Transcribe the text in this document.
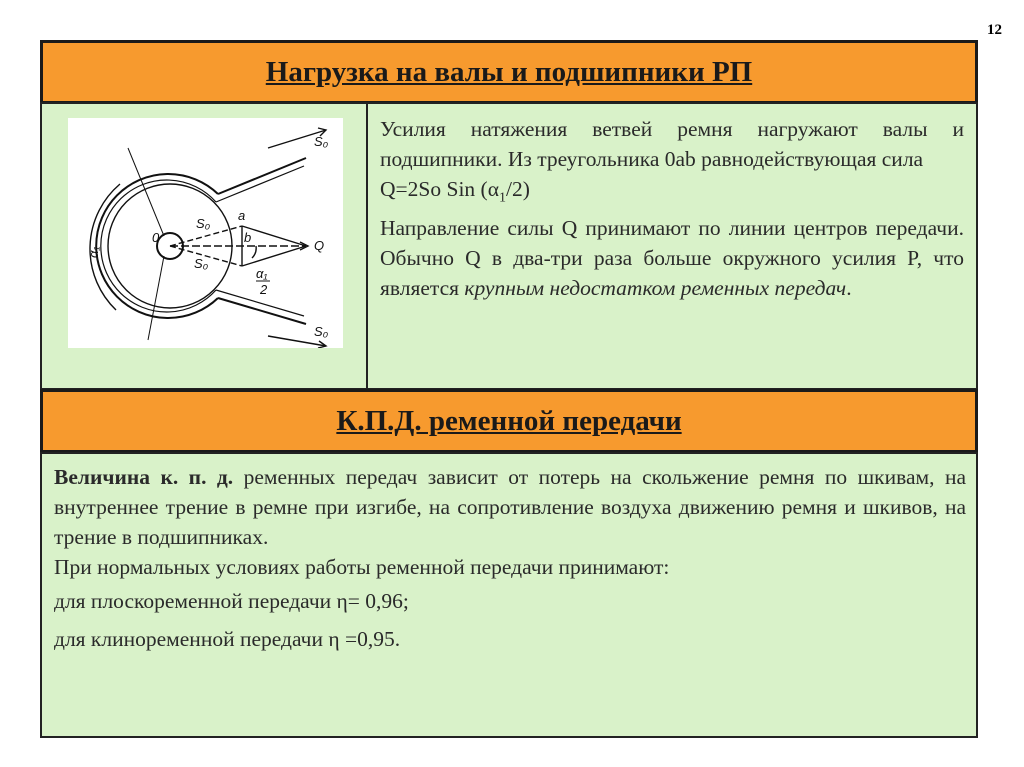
12
Нагрузка на валы и подшипники РП
S₀
S₀
S₀
S₀
a
b
0
Q
α₁
α₁
2

Усилия натяжения ветвей ремня нагружают валы и подшипники. Из треугольника 0ab равнодействующая сила

Q=2So Sin $(\alpha_1/2)$

Направление силы Q принимают по линии центров передачи. Обычно Q в два-три раза больше окружного усилия P, что является крупным недостатком ременных передач.

К.П.Д. ременной передачи

Величина к. п. д. ременных передач зависит от потерь на скольжение ремня по шкивам, на внутреннее трение в ремне при изгибе, на сопротивление воздуха движению ремня и шкивов, на трение в подшипниках.

При нормальных условиях работы ременной передачи принимают:

для плоскоременной передачи η= 0,96;

для клиноременной передачи η =0,95.
